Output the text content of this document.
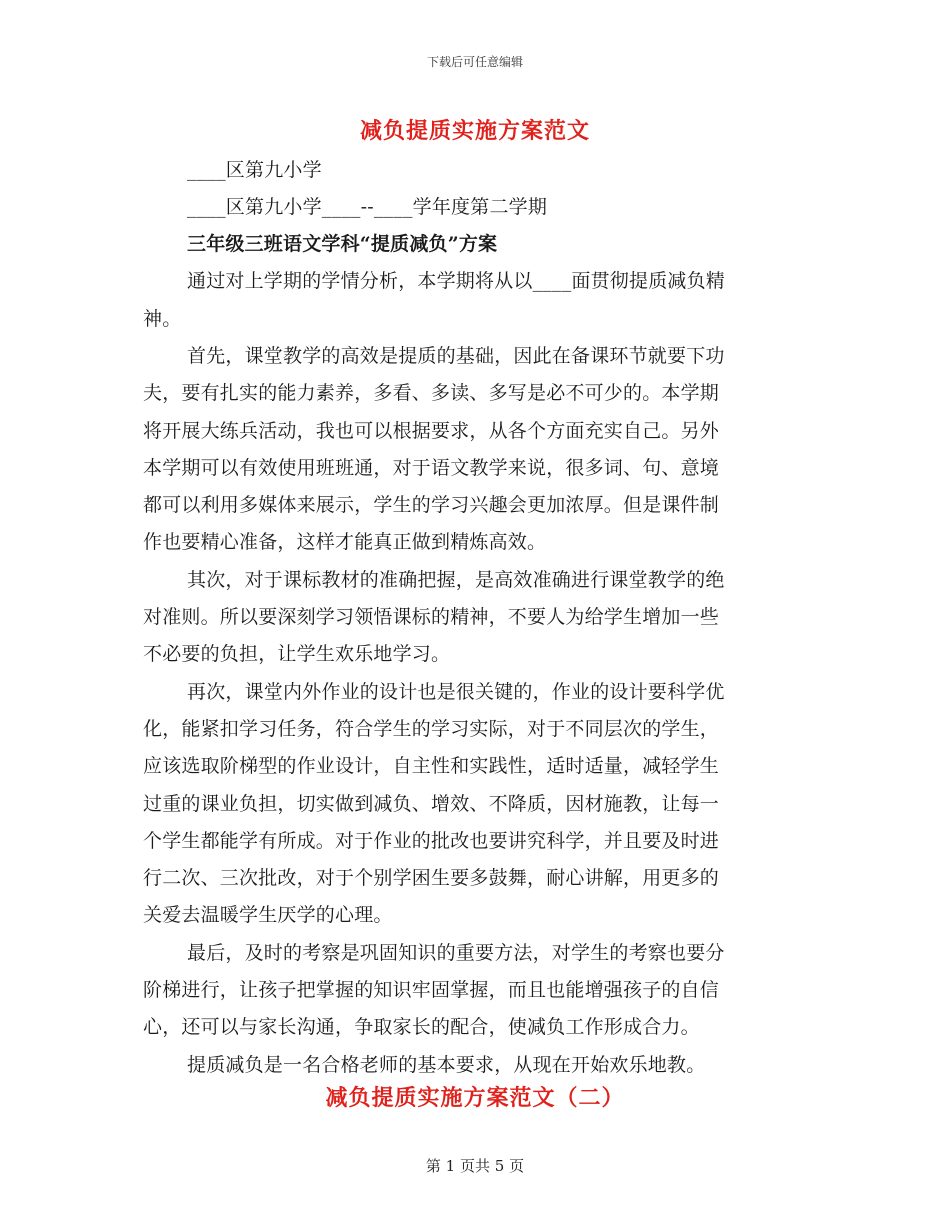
下载后可任意编辑
减负提质实施方案范文
____区第九小学
____区第九小学____--____学年度第二学期
三年级三班语文学科“提质减负”方案
通过对上学期的学情分析，本学期将从以____面贯彻提质减负精
神。
首先，课堂教学的高效是提质的基础，因此在备课环节就要下功
夫，要有扎实的能力素养，多看、多读、多写是必不可少的。本学期
将开展大练兵活动，我也可以根据要求，从各个方面充实自己。另外
本学期可以有效使用班班通，对于语文教学来说，很多词、句、意境
都可以利用多媒体来展示，学生的学习兴趣会更加浓厚。但是课件制
作也要精心准备，这样才能真正做到精炼高效。
其次，对于课标教材的准确把握，是高效准确进行课堂教学的绝
对准则。所以要深刻学习领悟课标的精神，不要人为给学生增加一些
不必要的负担，让学生欢乐地学习。
再次，课堂内外作业的设计也是很关键的，作业的设计要科学优
化，能紧扣学习任务，符合学生的学习实际，对于不同层次的学生，
应该选取阶梯型的作业设计，自主性和实践性，适时适量，减轻学生
过重的课业负担，切实做到减负、增效、不降质，因材施教，让每一
个学生都能学有所成。对于作业的批改也要讲究科学，并且要及时进
行二次、三次批改，对于个别学困生要多鼓舞，耐心讲解，用更多的
关爱去温暖学生厌学的心理。
最后，及时的考察是巩固知识的重要方法，对学生的考察也要分
阶梯进行，让孩子把掌握的知识牢固掌握，而且也能增强孩子的自信
心，还可以与家长沟通，争取家长的配合，使减负工作形成合力。
提质减负是一名合格老师的基本要求，从现在开始欢乐地教。
减负提质实施方案范文（二）
第 1 页共 5 页
